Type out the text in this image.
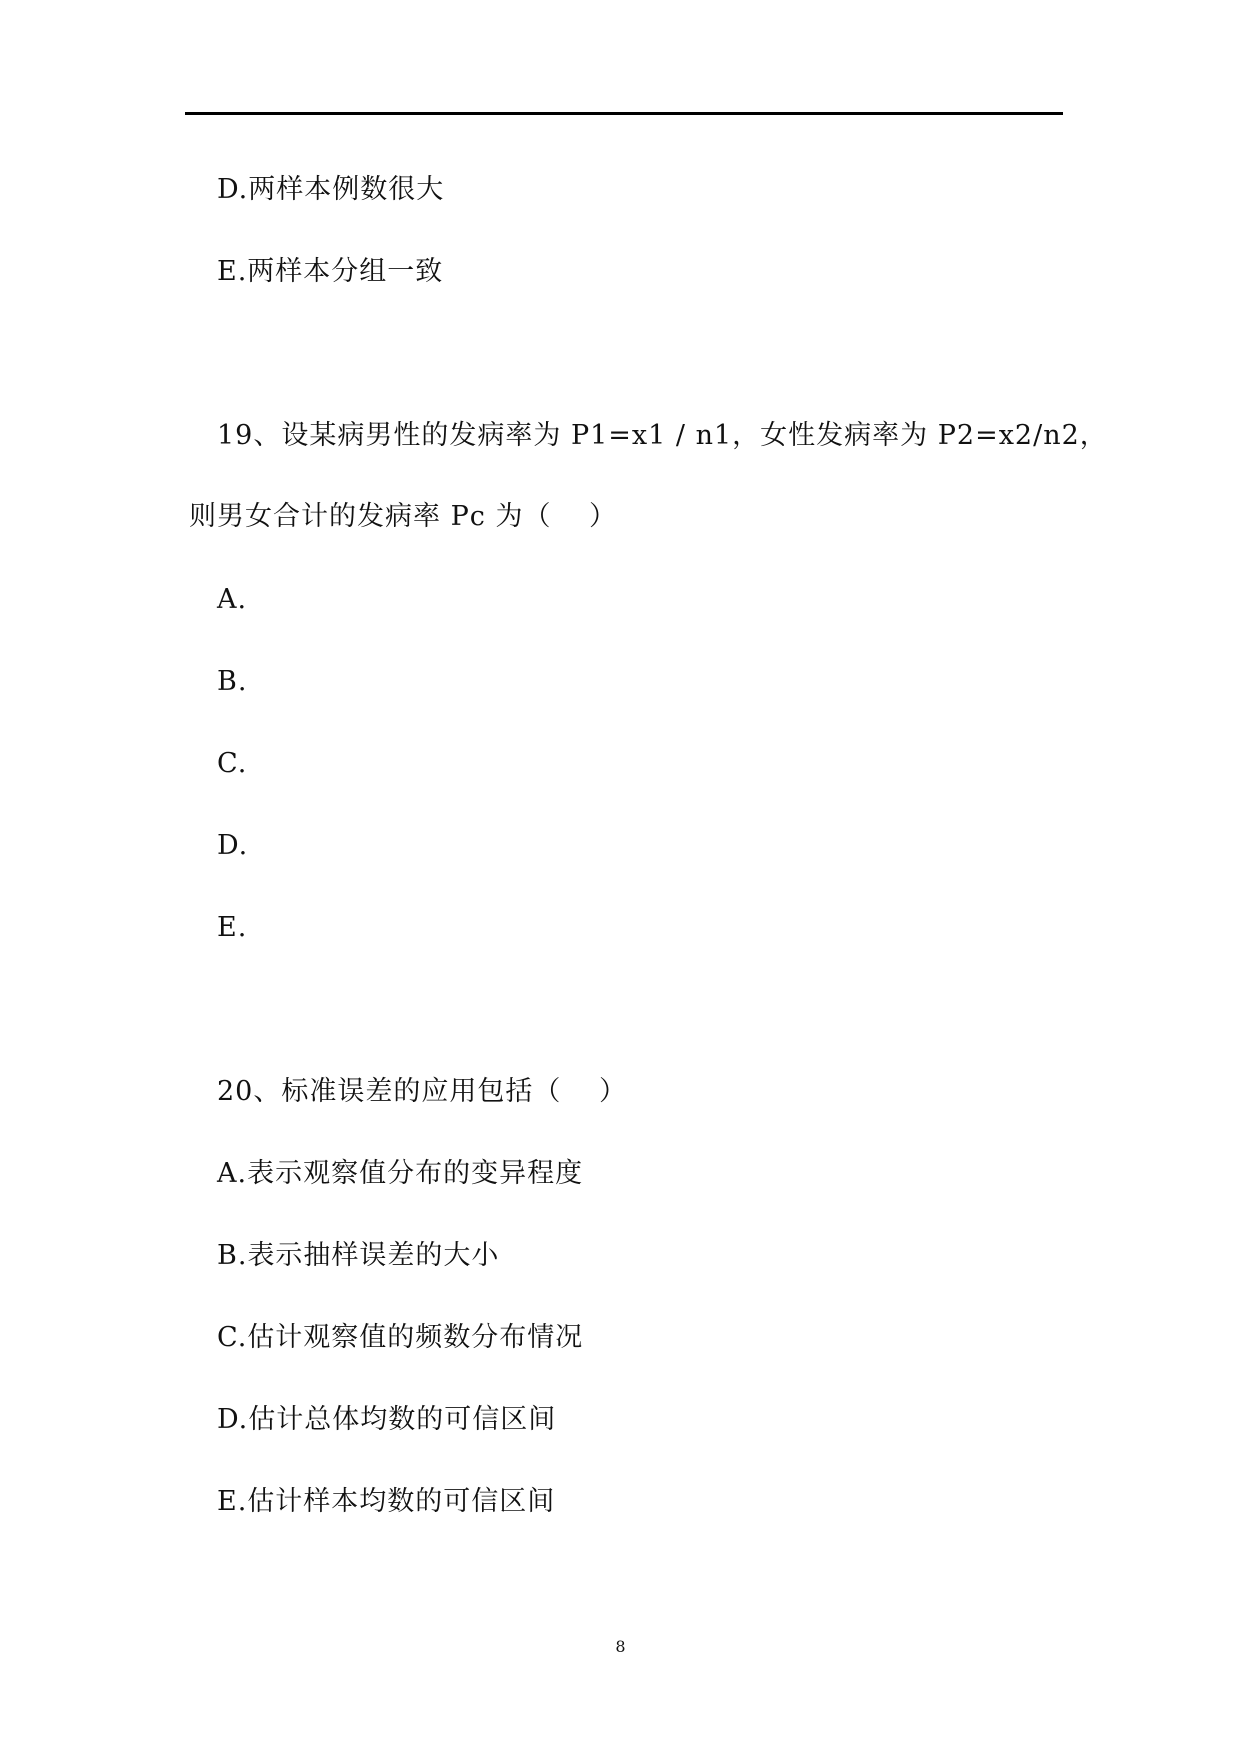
D.两样本例数很大
E.两样本分组一致
19、设某病男性的发病率为 P1=x1 / n1，女性发病率为 P2=x2/n2，
则男女合计的发病率 Pc 为（　 ）
A.
B.
C.
D.
E.
20、标准误差的应用包括（　 ）
A.表示观察值分布的变异程度
B.表示抽样误差的大小
C.估计观察值的频数分布情况
D.估计总体均数的可信区间
E.估计样本均数的可信区间
8
